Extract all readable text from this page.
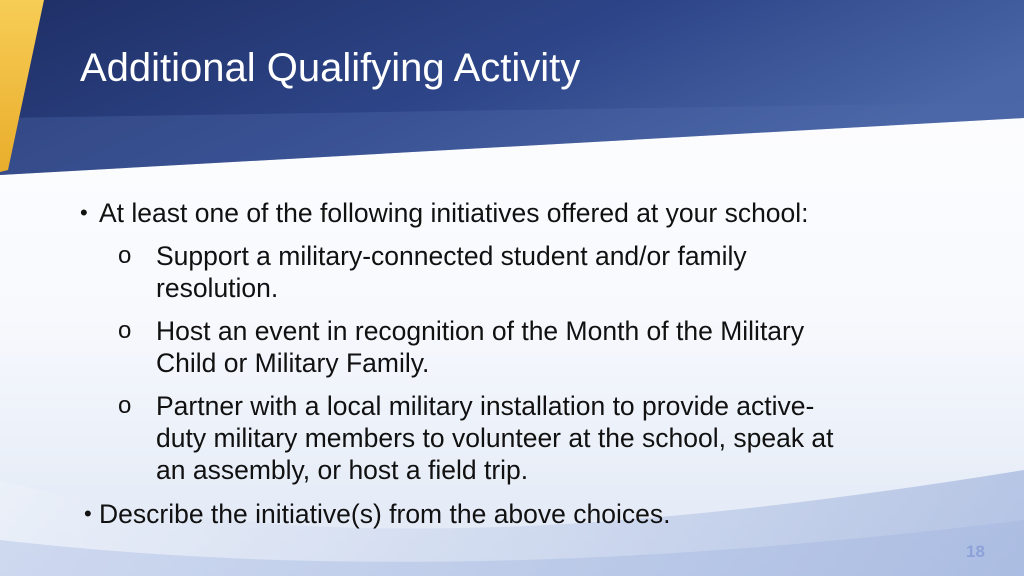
Additional Qualifying Activity
• At least one of the following initiatives offered at your school:
o Support a military-connected student and/or family
resolution.
o Host an event in recognition of the Month of the Military
Child or Military Family.
o Partner with a local military installation to provide active-
duty military members to volunteer at the school, speak at
an assembly, or host a field trip.
• Describe the initiative(s) from the above choices.
18
